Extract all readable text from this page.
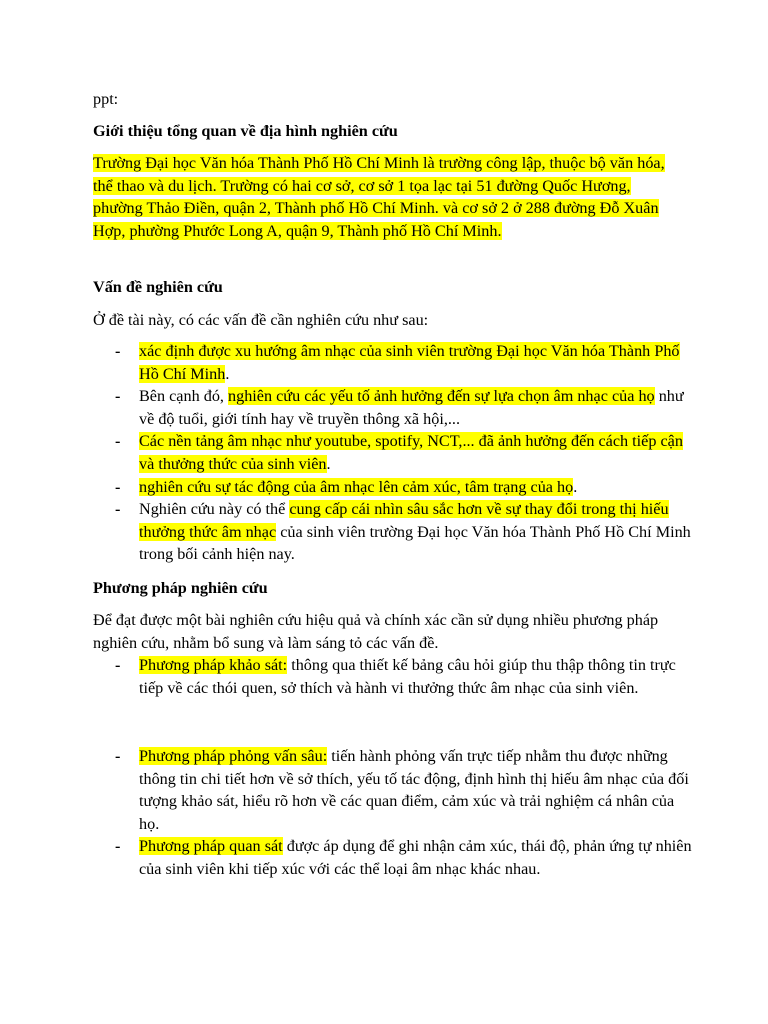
ppt:

Giới thiệu tổng quan về địa hình nghiên cứu

Trường Đại học Văn hóa Thành Phố Hồ Chí Minh là trường công lập, thuộc bộ văn hóa, thể thao và du lịch. Trường có hai cơ sở, cơ sở 1 tọa lạc tại 51 đường Quốc Hương, phường Thảo Điền, quận 2, Thành phố Hồ Chí Minh. và cơ sở 2 ở 288 đường Đỗ Xuân Hợp, phường Phước Long A, quận 9, Thành phố Hồ Chí Minh.

Vấn đề nghiên cứu

Ở đề tài này, có các vấn đề cần nghiên cứu như sau:

- xác định được xu hướng âm nhạc của sinh viên trường Đại học Văn hóa Thành Phố Hồ Chí Minh.
- Bên cạnh đó, nghiên cứu các yếu tố ảnh hưởng đến sự lựa chọn âm nhạc của họ như về độ tuổi, giới tính hay về truyền thông xã hội,...
- Các nền tảng âm nhạc như youtube, spotify, NCT,... đã ảnh hưởng đến cách tiếp cận và thưởng thức của sinh viên.
- nghiên cứu sự tác động của âm nhạc lên cảm xúc, tâm trạng của họ.
- Nghiên cứu này có thể cung cấp cái nhìn sâu sắc hơn về sự thay đổi trong thị hiếu thưởng thức âm nhạc của sinh viên trường Đại học Văn hóa Thành Phố Hồ Chí Minh trong bối cảnh hiện nay.

Phương pháp nghiên cứu

Để đạt được một bài nghiên cứu hiệu quả và chính xác cần sử dụng nhiều phương pháp nghiên cứu, nhằm bổ sung và làm sáng tỏ các vấn đề.

- Phương pháp khảo sát: thông qua thiết kế bảng câu hỏi giúp thu thập thông tin trực tiếp về các thói quen, sở thích và hành vi thưởng thức âm nhạc của sinh viên.
- Phương pháp phỏng vấn sâu: tiến hành phỏng vấn trực tiếp nhằm thu được những thông tin chi tiết hơn về sở thích, yếu tố tác động, định hình thị hiếu âm nhạc của đối tượng khảo sát, hiểu rõ hơn về các quan điểm, cảm xúc và trải nghiệm cá nhân của họ.
- Phương pháp quan sát được áp dụng để ghi nhận cảm xúc, thái độ, phản ứng tự nhiên của sinh viên khi tiếp xúc với các thể loại âm nhạc khác nhau.
